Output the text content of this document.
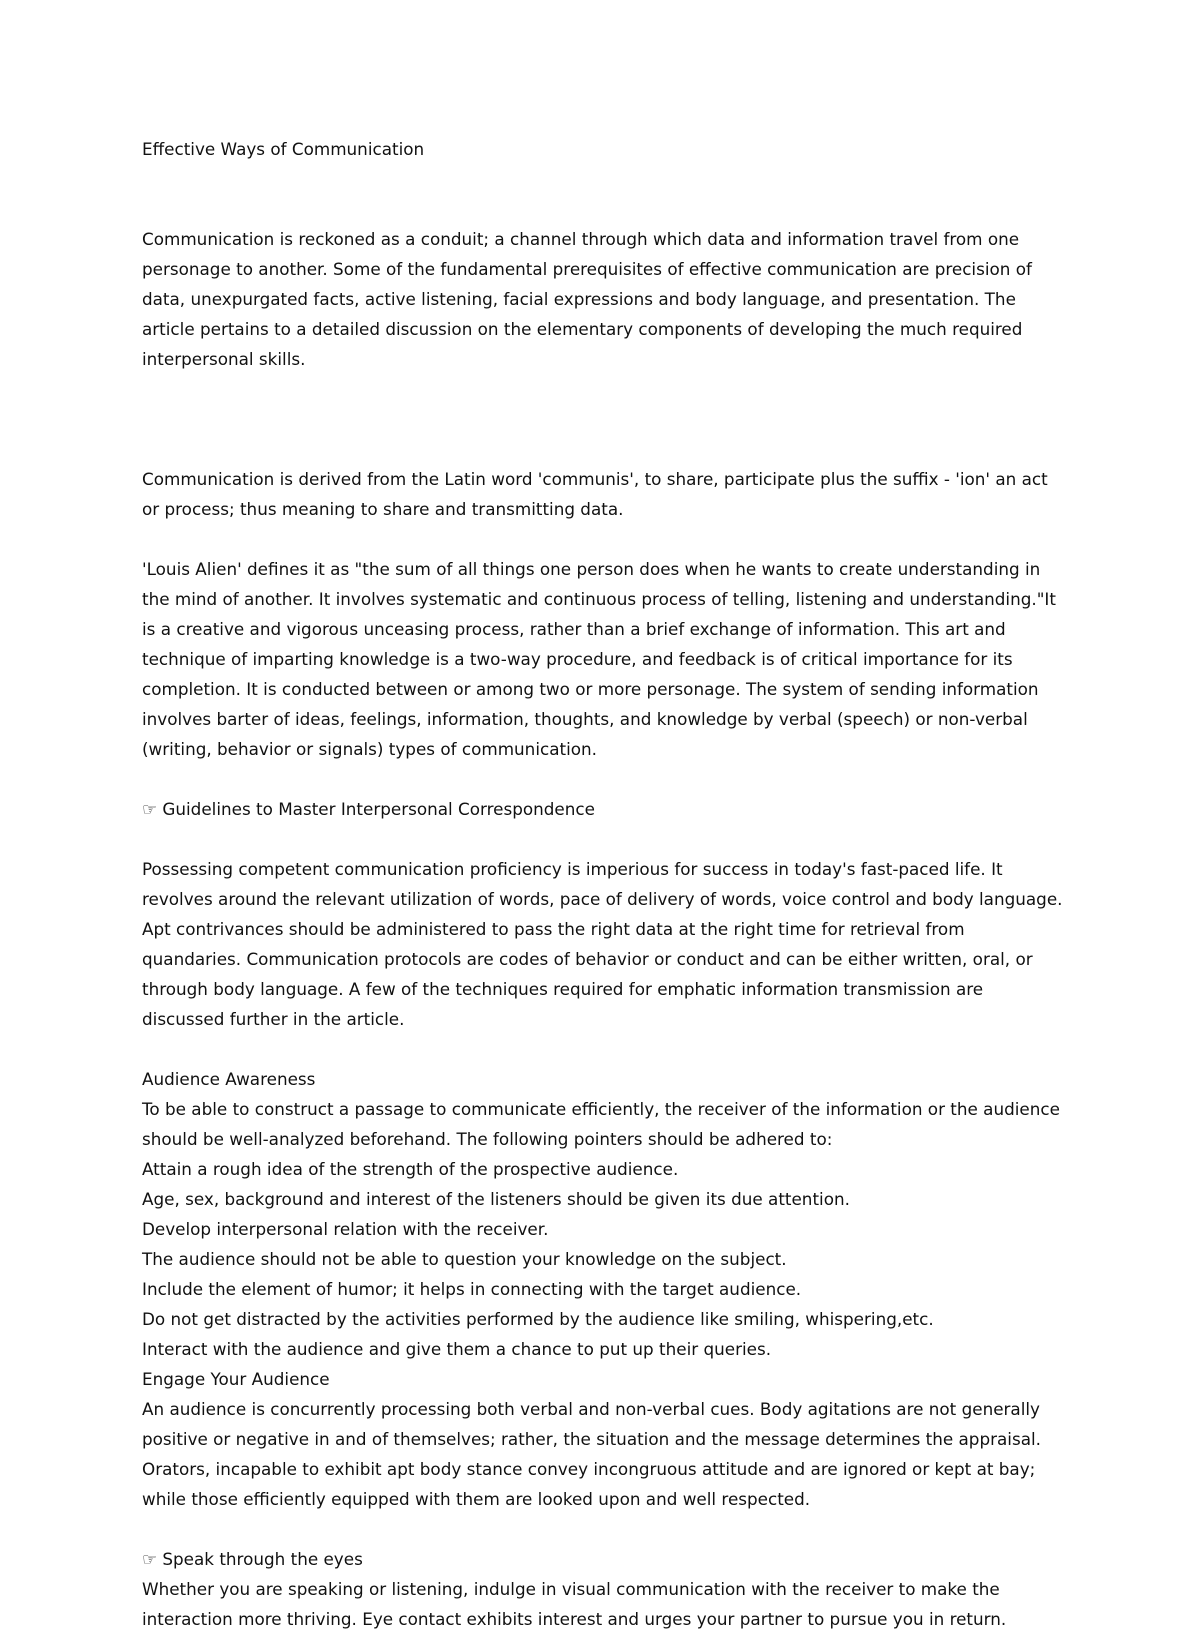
Effective Ways of Communication

Communication is reckoned as a conduit; a channel through which data and information travel from one personage to another. Some of the fundamental prerequisites of effective communication are precision of data, unexpurgated facts, active listening, facial expressions and body language, and presentation. The article pertains to a detailed discussion on the elementary components of developing the much required interpersonal skills.

Communication is derived from the Latin word 'communis', to share, participate plus the suffix - 'ion' an act or process; thus meaning to share and transmitting data.

'Louis Alien' defines it as "the sum of all things one person does when he wants to create understanding in the mind of another. It involves systematic and continuous process of telling, listening and understanding."It is a creative and vigorous unceasing process, rather than a brief exchange of information. This art and technique of imparting knowledge is a two-way procedure, and feedback is of critical importance for its completion. It is conducted between or among two or more personage. The system of sending information involves barter of ideas, feelings, information, thoughts, and knowledge by verbal (speech) or non-verbal (writing, behavior or signals) types of communication.

☞ Guidelines to Master Interpersonal Correspondence

Possessing competent communication proficiency is imperious for success in today's fast-paced life. It revolves around the relevant utilization of words, pace of delivery of words, voice control and body language. Apt contrivances should be administered to pass the right data at the right time for retrieval from quandaries. Communication protocols are codes of behavior or conduct and can be either written, oral, or through body language. A few of the techniques required for emphatic information transmission are discussed further in the article.

Audience Awareness

To be able to construct a passage to communicate efficiently, the receiver of the information or the audience should be well-analyzed beforehand. The following pointers should be adhered to:

Attain a rough idea of the strength of the prospective audience.

Age, sex, background and interest of the listeners should be given its due attention.

Develop interpersonal relation with the receiver.

The audience should not be able to question your knowledge on the subject.

Include the element of humor; it helps in connecting with the target audience.

Do not get distracted by the activities performed by the audience like smiling, whispering,etc.

Interact with the audience and give them a chance to put up their queries.

Engage Your Audience

An audience is concurrently processing both verbal and non-verbal cues. Body agitations are not generally positive or negative in and of themselves; rather, the situation and the message determines the appraisal. Orators, incapable to exhibit apt body stance convey incongruous attitude and are ignored or kept at bay; while those efficiently equipped with them are looked upon and well respected.

☞ Speak through the eyes

Whether you are speaking or listening, indulge in visual communication with the receiver to make the interaction more thriving. Eye contact exhibits interest and urges your partner to pursue you in return.
